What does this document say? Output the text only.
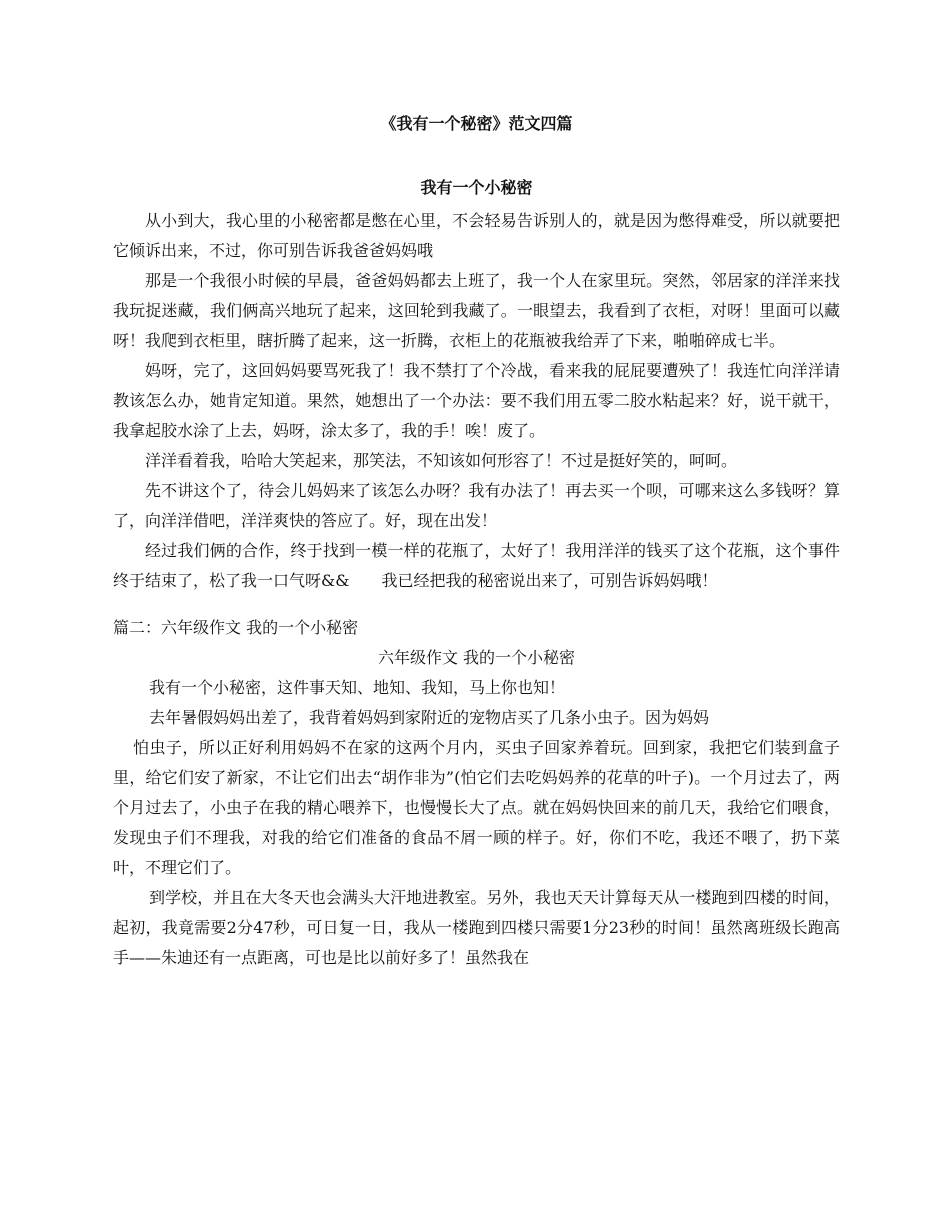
《我有一个秘密》范文四篇
我有一个小秘密

从小到大，我心里的小秘密都是憋在心里，不会轻易告诉别人的，就是因为憋得难受，所以就要把它倾诉出来，不过，你可别告诉我爸爸妈妈哦

那是一个我很小时候的早晨，爸爸妈妈都去上班了，我一个人在家里玩。突然，邻居家的洋洋来找我玩捉迷藏，我们俩高兴地玩了起来，这回轮到我藏了。一眼望去，我看到了衣柜，对呀！里面可以藏呀！我爬到衣柜里，瞎折腾了起来，这一折腾，衣柜上的花瓶被我给弄了下来，啪啪碎成七半。

妈呀，完了，这回妈妈要骂死我了！我不禁打了个冷战，看来我的屁屁要遭殃了！我连忙向洋洋请教该怎么办，她肯定知道。果然，她想出了一个办法：要不我们用五零二胶水粘起来？好，说干就干，我拿起胶水涂了上去，妈呀，涂太多了，我的手！唉！废了。

洋洋看着我，哈哈大笑起来，那笑法，不知该如何形容了！不过是挺好笑的，呵呵。

先不讲这个了，待会儿妈妈来了该怎么办呀？我有办法了！再去买一个呗，可哪来这么多钱呀？算了，向洋洋借吧，洋洋爽快的答应了。好，现在出发！

经过我们俩的合作，终于找到一模一样的花瓶了，太好了！我用洋洋的钱买了这个花瓶，这个事件终于结束了，松了我一口气呀&&　　我已经把我的秘密说出来了，可别告诉妈妈哦！

篇二：六年级作文 我的一个小秘密
六年级作文 我的一个小秘密

我有一个小秘密，这件事天知、地知、我知，马上你也知！

去年暑假妈妈出差了，我背着妈妈到家附近的宠物店买了几条小虫子。因为妈妈

怕虫子，所以正好利用妈妈不在家的这两个月内，买虫子回家养着玩。回到家，我把它们装到盒子里，给它们安了新家，不让它们出去“胡作非为”(怕它们去吃妈妈养的花草的叶子)。一个月过去了，两个月过去了，小虫子在我的精心喂养下，也慢慢长大了点。就在妈妈快回来的前几天，我给它们喂食，发现虫子们不理我，对我的给它们准备的食品不屑一顾的样子。好，你们不吃，我还不喂了，扔下菜叶，不理它们了。

到学校，并且在大冬天也会满头大汗地进教室。另外，我也天天计算每天从一楼跑到四楼的时间，起初，我竟需要2分47秒，可日复一日，我从一楼跑到四楼只需要1分23秒的时间！虽然离班级长跑高手——朱迪还有一点距离，可也是比以前好多了！虽然我在
